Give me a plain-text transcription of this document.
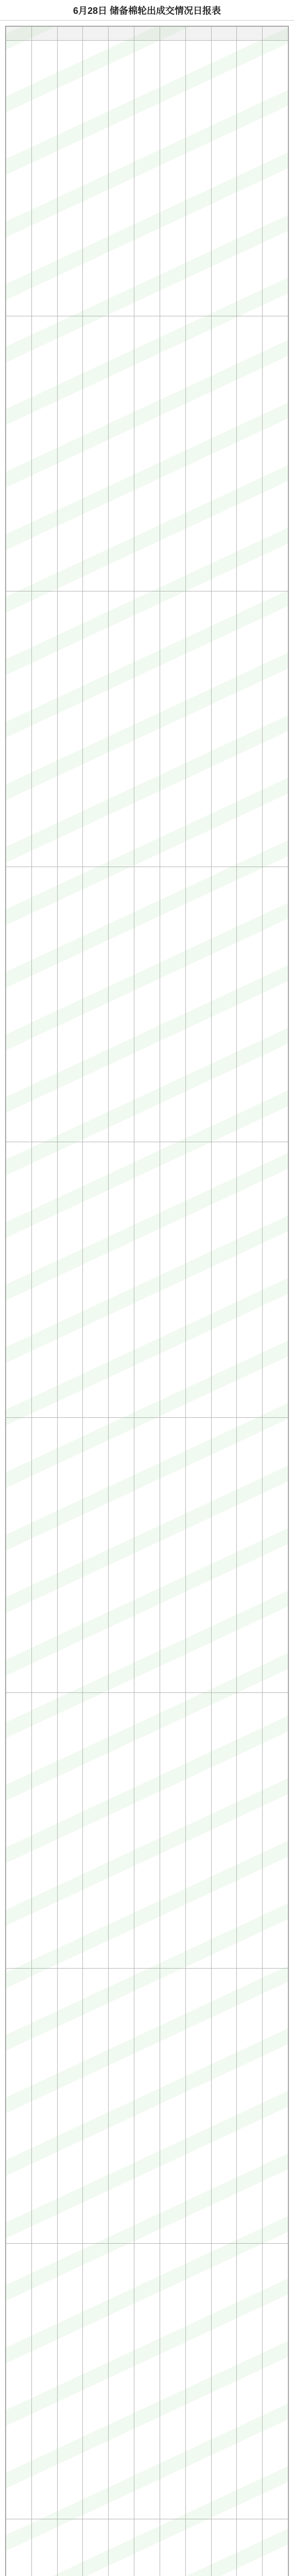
6月28日 储备棉轮出成交情况日报表
